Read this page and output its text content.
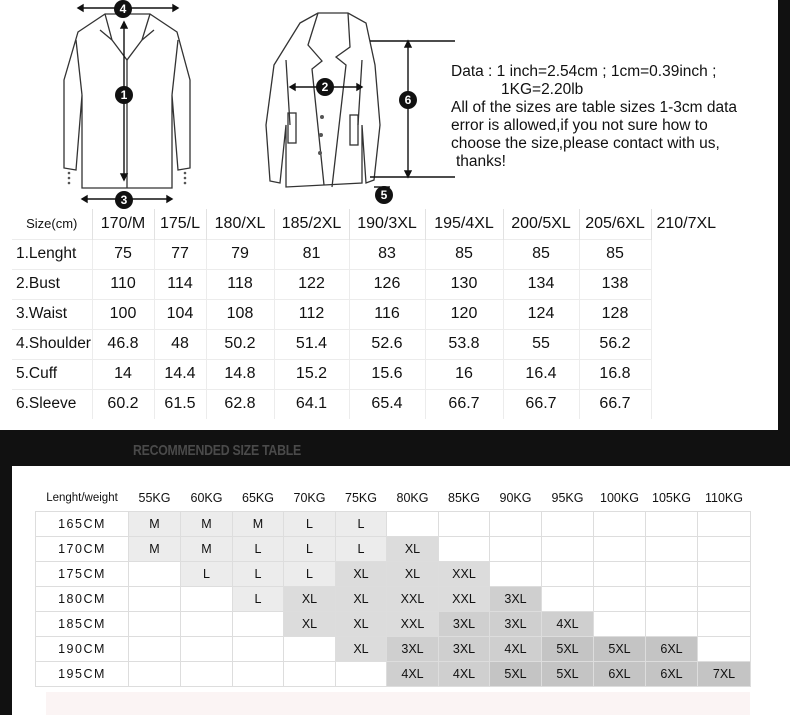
4
1
3
2
6
5
Data : 1 inch=2.54cm ; 1cm=0.39inch ;
1KG=2.20lb
All of the sizes are table sizes 1-3cm data
error is allowed,if you not sure how to
choose the size,please contact with us,
thanks!
Size(cm)	170/M	175/L	180/XL	185/2XL	190/3XL	195/4XL	200/5XL	205/6XL	210/7XL
1.Lenght	75	77	79	81	83	85	85	85	
2.Bust	110	114	118	122	126	130	134	138	
3.Waist	100	104	108	112	116	120	124	128	
4.Shoulder	46.8	48	50.2	51.4	52.6	53.8	55	56.2	
5.Cuff	14	14.4	14.8	15.2	15.6	16	16.4	16.8	
6.Sleeve	60.2	61.5	62.8	64.1	65.4	66.7	66.7	66.7	
RECOMMENDED SIZE TABLE
Lenght/weight	55KG	60KG	65KG	70KG	75KG	80KG	85KG	90KG	95KG	100KG	105KG	110KG
165CM	M	M	M	L	L							
170CM	M	M	L	L	L	XL						
175CM		L	L	L	XL	XL	XXL					
180CM			L	XL	XL	XXL	XXL	3XL				
185CM				XL	XL	XXL	3XL	3XL	4XL			
190CM					XL	3XL	3XL	4XL	5XL	5XL	6XL	
195CM						4XL	4XL	5XL	5XL	6XL	6XL	7XL
